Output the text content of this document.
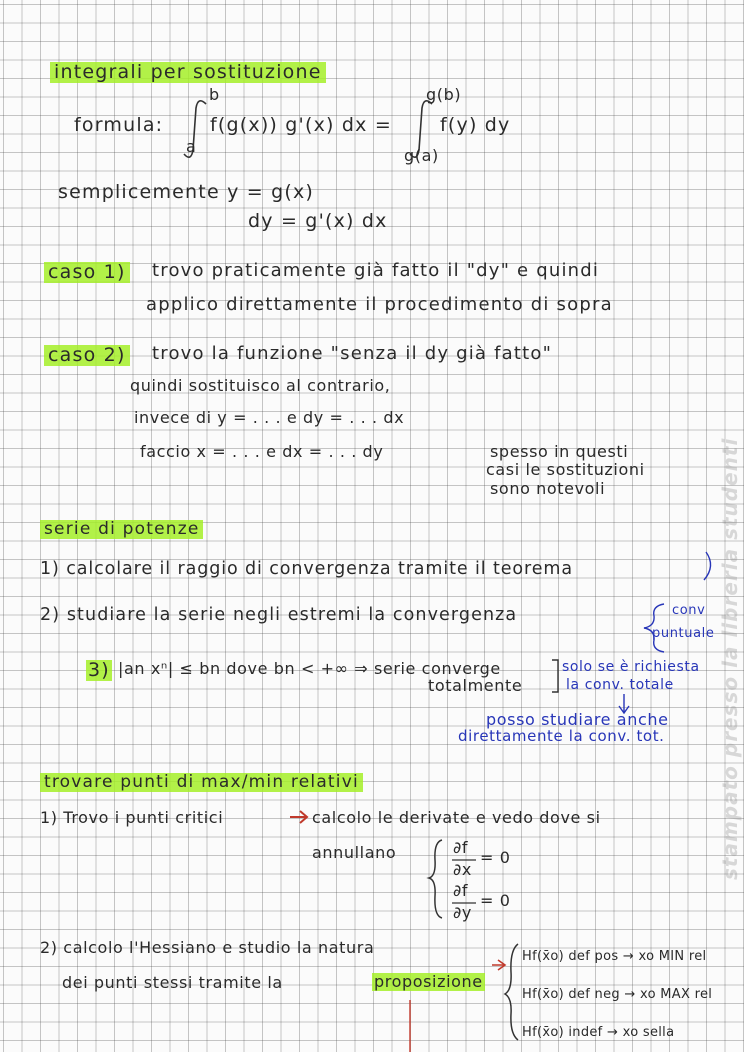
stampato presso la libreria studenti
integrali per sostituzione
formula:
b
a
f(g(x)) g'(x) dx =
g(b)
g(a)
f(y) dy
semplicemente y = g(x)
dy = g'(x) dx
caso 1) trovo praticamente già fatto il "dy" e quindi
applico direttamente il procedimento di sopra
caso 2) trovo la funzione "senza il dy già fatto"
quindi sostituisco al contrario,
invece di y = . . . e dy = . . . dx
faccio x = . . . e dx = . . . dy	spesso in questi
casi le sostituzioni
sono notevoli
serie di potenze
1) calcolare il raggio di convergenza tramite il teorema
2) studiare la serie negli estremi la convergenza	conv
puntuale
3) |an xⁿ| ≤ bn dove bn < +∞ ⇒ serie converge
totalmente
solo se è richiesta
la conv. totale
posso studiare anche
direttamente la conv. tot.
trovare punti di max/min relativi
1) Trovo i punti critici	calcolo le derivate e vedo dove si
annullano	∂f
∂x
= 0
∂f
∂y
= 0
2) calcolo l'Hessiano e studio la natura
dei punti stessi tramite la	proposizione
Hf(x̄o) def pos → xo MIN rel
Hf(x̄o) def neg → xo MAX rel
Hf(x̄o) indef → xo sella
